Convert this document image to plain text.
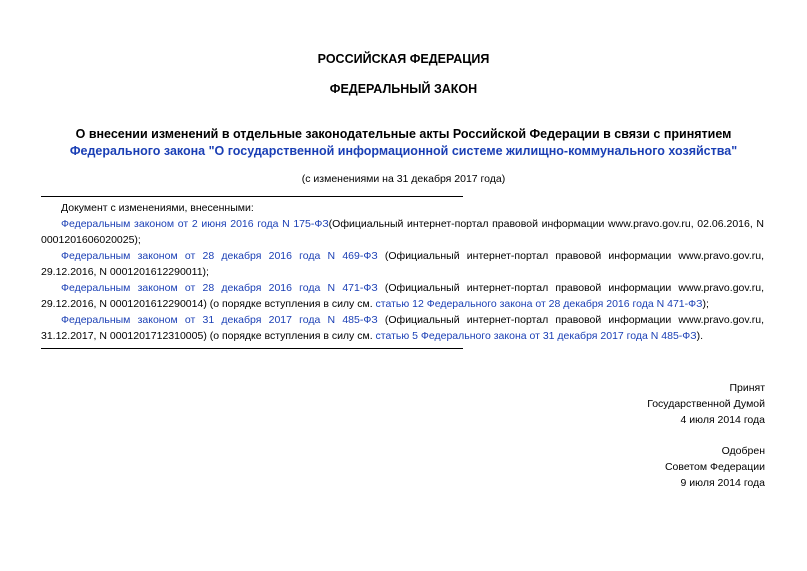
РОССИЙСКАЯ ФЕДЕРАЦИЯ
ФЕДЕРАЛЬНЫЙ ЗАКОН
О внесении изменений в отдельные законодательные акты Российской Федерации в связи с принятием
Федерального закона "О государственной информационной системе жилищно-коммунального хозяйства"
(с изменениями на 31 декабря 2017 года)
Документ с изменениями, внесенными:
Федеральным законом от 2 июня 2016 года N 175-ФЗ(Официальный интернет-портал правовой информации www.pravo.gov.ru, 02.06.2016, N 0001201606020025);
Федеральным законом от 28 декабря 2016 года N 469-ФЗ (Официальный интернет-портал правовой информации www.pravo.gov.ru, 29.12.2016, N 0001201612290011);
Федеральным законом от 28 декабря 2016 года N 471-ФЗ (Официальный интернет-портал правовой информации www.pravo.gov.ru, 29.12.2016, N 0001201612290014) (о порядке вступления в силу см. статью 12 Федерального закона от 28 декабря 2016 года N 471-ФЗ);
Федеральным законом от 31 декабря 2017 года N 485-ФЗ (Официальный интернет-портал правовой информации www.pravo.gov.ru, 31.12.2017, N 0001201712310005) (о порядке вступления в силу см. статью 5 Федерального закона от 31 декабря 2017 года N 485-ФЗ).
Принят
Государственной Думой
4 июля 2014 года
Одобрен
Советом Федерации
9 июля 2014 года
